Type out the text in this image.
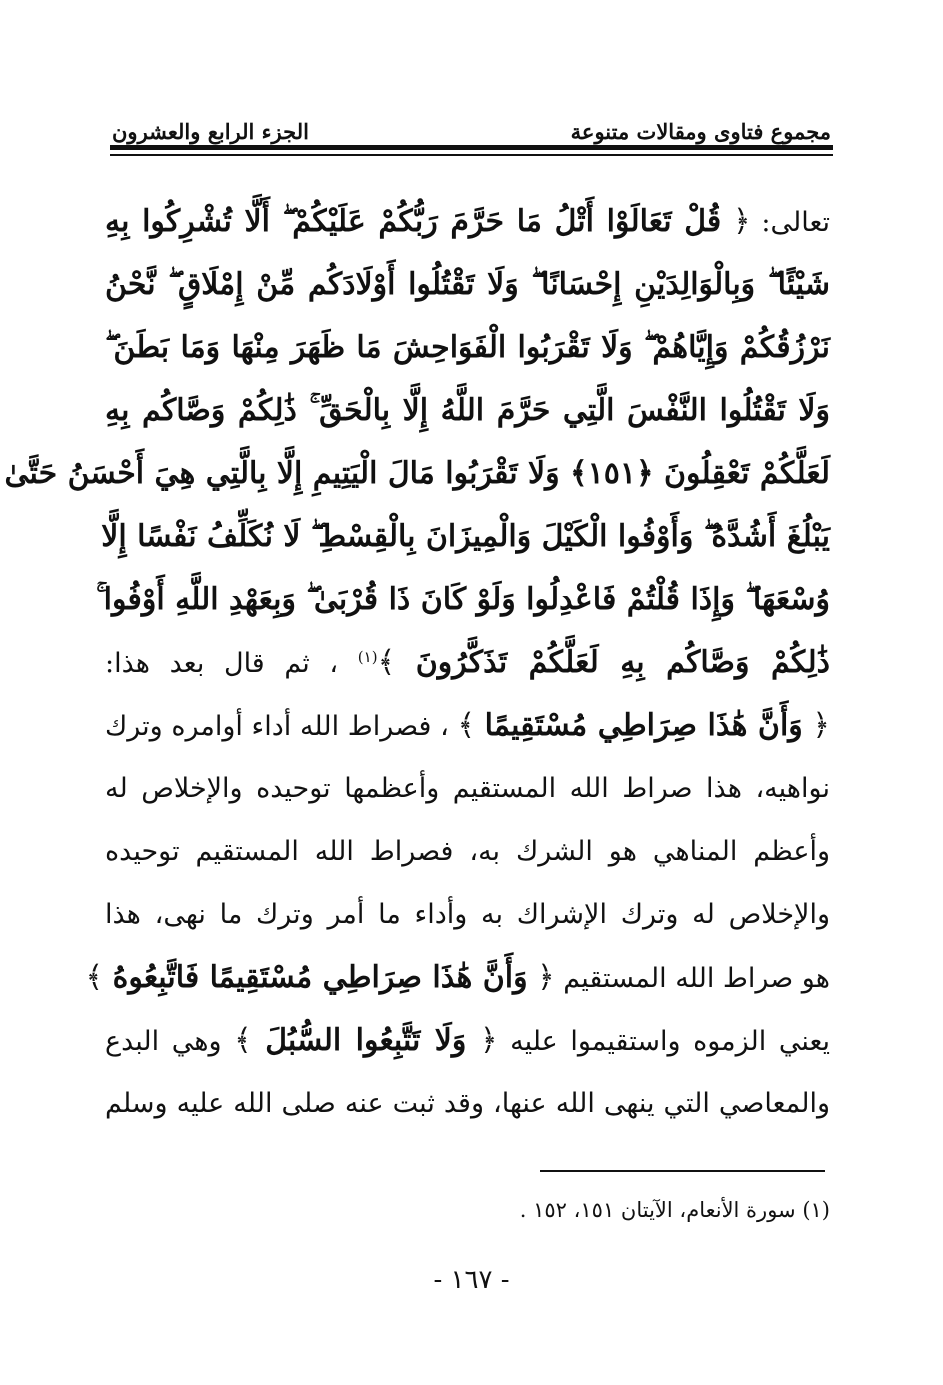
مجموع فتاوى ومقالات متنوعة
الجزء الرابع والعشرون
تعالى: ﴿ قُلْ تَعَالَوْا أَتْلُ مَا حَرَّمَ رَبُّكُمْ عَلَيْكُمْ ۖ أَلَّا تُشْرِكُوا بِهِ
شَيْئًا ۖ وَبِالْوَالِدَيْنِ إِحْسَانًا ۖ وَلَا تَقْتُلُوا أَوْلَادَكُم مِّنْ إِمْلَاقٍ ۖ نَّحْنُ
نَرْزُقُكُمْ وَإِيَّاهُمْ ۖ وَلَا تَقْرَبُوا الْفَوَاحِشَ مَا ظَهَرَ مِنْهَا وَمَا بَطَنَ ۖ
وَلَا تَقْتُلُوا النَّفْسَ الَّتِي حَرَّمَ اللَّهُ إِلَّا بِالْحَقِّ ۚ ذَٰلِكُمْ وَصَّاكُم بِهِ
لَعَلَّكُمْ تَعْقِلُونَ ﴿١٥١﴾ وَلَا تَقْرَبُوا مَالَ الْيَتِيمِ إِلَّا بِالَّتِي هِيَ أَحْسَنُ حَتَّىٰ
يَبْلُغَ أَشُدَّهُ ۖ وَأَوْفُوا الْكَيْلَ وَالْمِيزَانَ بِالْقِسْطِ ۖ لَا نُكَلِّفُ نَفْسًا إِلَّا
وُسْعَهَا ۖ وَإِذَا قُلْتُمْ فَاعْدِلُوا وَلَوْ كَانَ ذَا قُرْبَىٰ ۖ وَبِعَهْدِ اللَّهِ أَوْفُوا ۚ
ذَٰلِكُمْ وَصَّاكُم بِهِ لَعَلَّكُمْ تَذَكَّرُونَ ﴾$^{(١)}$ ، ثم قال بعد هذا:
﴿ وَأَنَّ هَٰذَا صِرَاطِي مُسْتَقِيمًا ﴾ ، فصراط الله أداء أوامره وترك
نواهيه، هذا صراط الله المستقيم وأعظمها توحيده والإخلاص له
وأعظم المناهي هو الشرك به، فصراط الله المستقيم توحيده
والإخلاص له وترك الإشراك به وأداء ما أمر وترك ما نهى، هذا
هو صراط الله المستقيم ﴿ وَأَنَّ هَٰذَا صِرَاطِي مُسْتَقِيمًا فَاتَّبِعُوهُ ﴾
يعني الزموه واستقيموا عليه ﴿ وَلَا تَتَّبِعُوا السُّبُلَ ﴾ وهي البدع
والمعاصي التي ينهى الله عنها، وقد ثبت عنه صلى الله عليه وسلم
(١) سورة الأنعام، الآيتان ١٥١، ١٥٢ .
- ١٦٧ -
